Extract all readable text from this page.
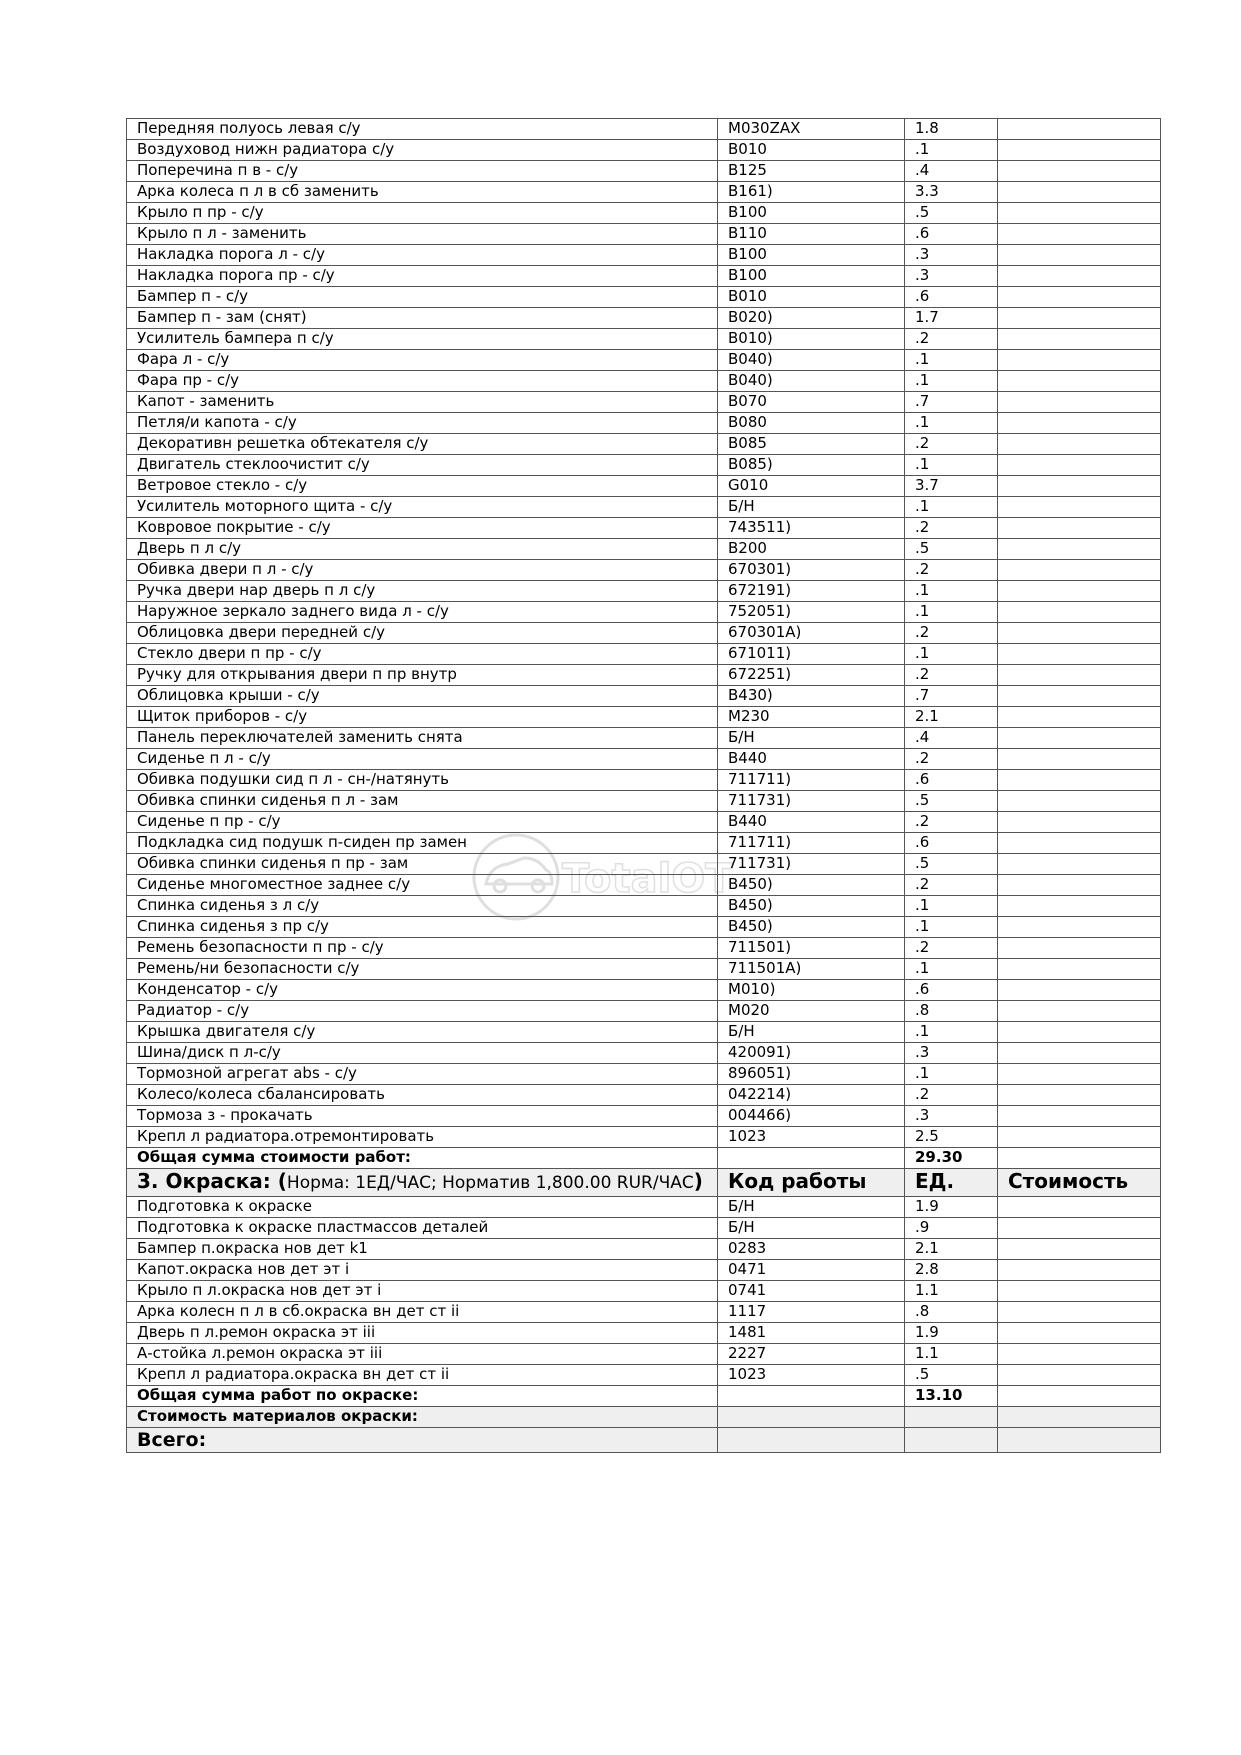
Передняя полуось левая с/у	M030ZAX	1.8	
Воздуховод нижн радиатора с/у	B010	.1	
Поперечина п в - с/у	B125	.4	
Арка колеса п л в сб заменить	B161)	3.3	
Крыло п пр - с/у	B100	.5	
Крыло п л - заменить	B110	.6	
Накладка порога л - с/у	B100	.3	
Накладка порога пр - с/у	B100	.3	
Бампер п - с/у	B010	.6	
Бампер п - зам (снят)	B020)	1.7	
Усилитель бампера п с/у	B010)	.2	
Фара л - с/у	B040)	.1	
Фара пр - с/у	B040)	.1	
Капот - заменить	B070	.7	
Петля/и капота - с/у	B080	.1	
Декоративн решетка обтекателя с/у	B085	.2	
Двигатель стеклоочистит с/у	B085)	.1	
Ветровое стекло - с/у	G010	3.7	
Усилитель моторного щита - с/у	Б/Н	.1	
Ковровое покрытие - с/у	743511)	.2	
Дверь п л с/у	B200	.5	
Обивка двери п л - с/у	670301)	.2	
Ручка двери нар дверь п л с/у	672191)	.1	
Наружное зеркало заднего вида л - с/у	752051)	.1	
Облицовка двери передней с/у	670301A)	.2	
Стекло двери п пр - с/у	671011)	.1	
Ручку для открывания двери п пр внутр	672251)	.2	
Облицовка крыши - с/у	B430)	.7	
Щиток приборов - с/у	M230	2.1	
Панель переключателей заменить снята	Б/Н	.4	
Сиденье п л - с/у	B440	.2	
Обивка подушки сид п л - сн-/натянуть	711711)	.6	
Обивка спинки сиденья п л - зам	711731)	.5	
Сиденье п пр - с/у	B440	.2	
Подкладка сид подушк п-сиден пр замен	711711)	.6	
Обивка спинки сиденья п пр - зам	711731)	.5	
Сиденье многоместное заднее с/у	B450)	.2	
Спинка сиденья з л с/у	B450)	.1	
Спинка сиденья з пр с/у	B450)	.1	
Ремень безопасности п пр - с/у	711501)	.2	
Ремень/ни безопасности с/у	711501A)	.1	
Конденсатор - с/у	M010)	.6	
Радиатор - с/у	M020	.8	
Крышка двигателя с/у	Б/Н	.1	
Шина/диск п л-с/у	420091)	.3	
Тормозной агрегат abs - с/у	896051)	.1	
Колесо/колеса сбалансировать	042214)	.2	
Тормоза з - прокачать	004466)	.3	
Крепл л радиатора.отремонтировать	1023	2.5	
Общая сумма стоимости работ:		29.30	
3. Окраска: (Норма: 1ЕД/ЧАС; Норматив 1,800.00 RUR/ЧАС)	Код работы	ЕД.	Стоимость
Подготовка к окраске	Б/Н	1.9	
Подготовка к окраске пластмассов деталей	Б/Н	.9	
Бампер п.окраска нов дет k1	0283	2.1	
Капот.окраска нов дет эт i	0471	2.8	
Крыло п л.окраска нов дет эт i	0741	1.1	
Арка колесн п л в сб.окраска вн дет ст ii	1117	.8	
Дверь п л.ремон окраска эт iii	1481	1.9	
А-стойка л.ремон окраска эт iii	2227	1.1	
Крепл л радиатора.окраска вн дет ст ii	1023	.5	
Общая сумма работ по окраске:		13.10	
Стоимость материалов окраски:			
Всего:			
TotalOT
